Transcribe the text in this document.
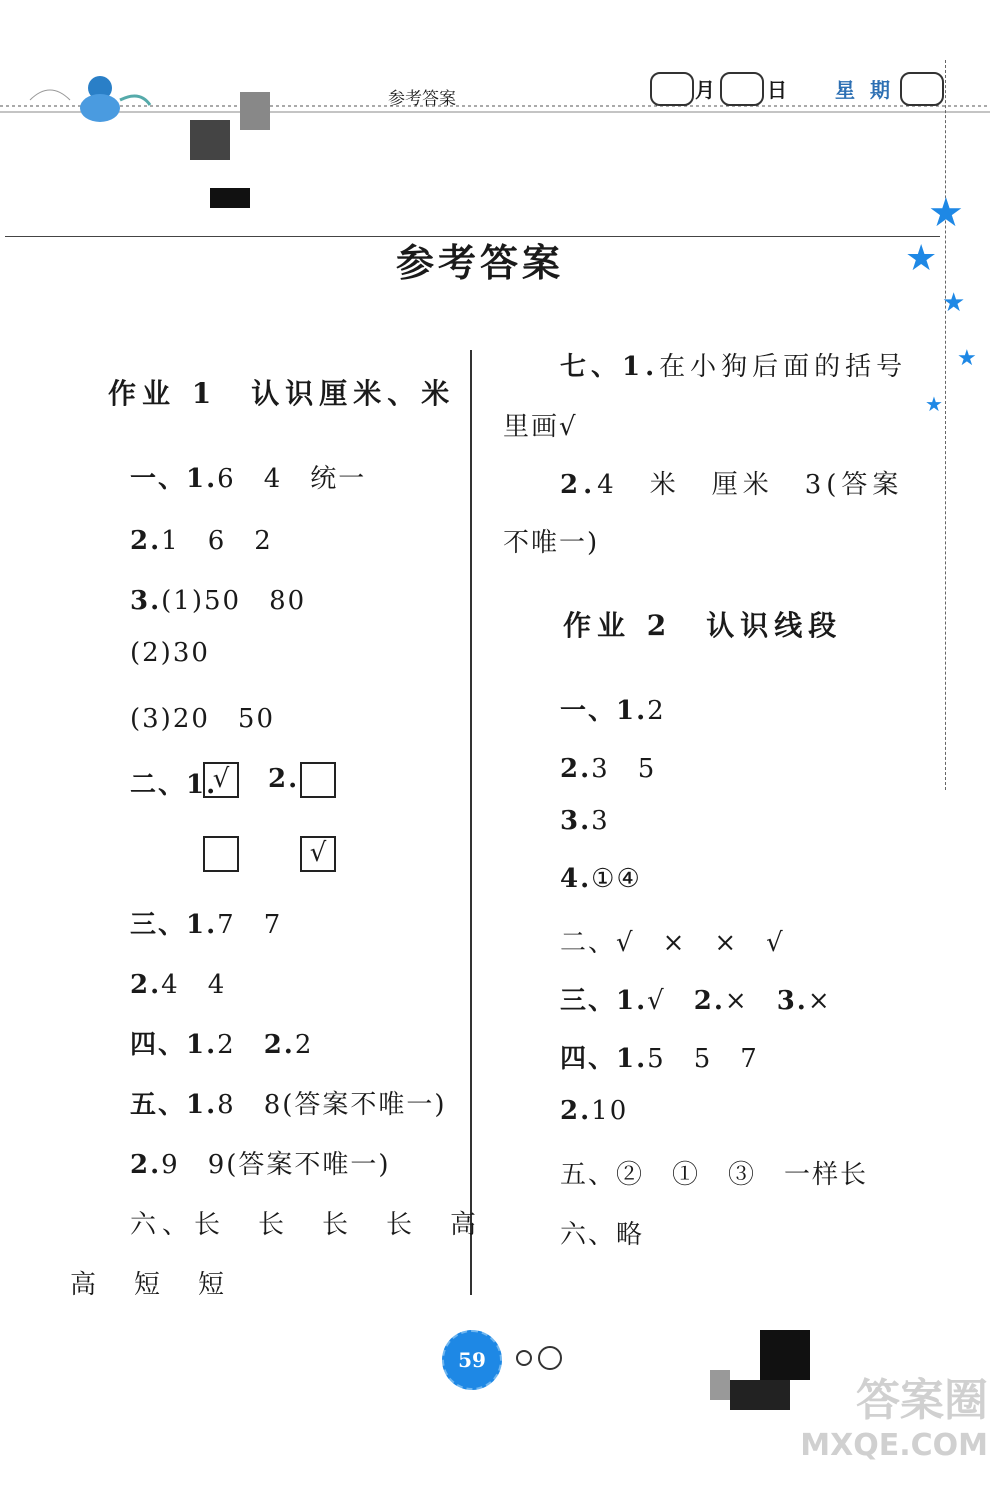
参考答案	月	日 星 期
★
★
★
★
★
参考答案
作业 1　认识厘米、米
一、1.6　4　统一
2.1　6　2
3.(1)50　80
(2)30
(3)20　50
二、1.
√	2.
√
三、1.7　7
2.4　4
四、1.2　2.2
五、1.8　8(答案不唯一)
2.9　9(答案不唯一)
六、长　长　长　长　高
高　短　短
七、1.在小狗后面的括号
里画√
2.4　米　厘米　3(答案
不唯一)
作业 2　认识线段
一、1.2
2.3　5
3.3
4.①④
二、√　×　×　√
三、1.√　2.×　3.×
四、1.5　5　7
2.10
五、②　①　③　一样长
六、略
59
答案圈
MXQE.COM
